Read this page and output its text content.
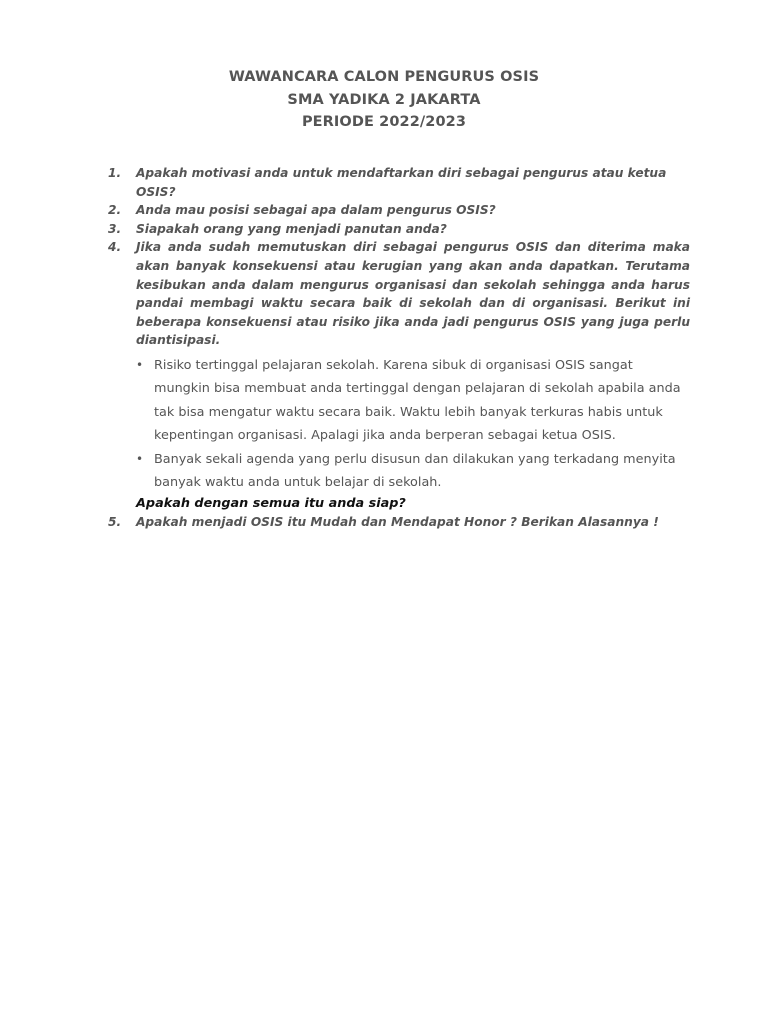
WAWANCARA CALON PENGURUS OSIS
SMA YADIKA 2 JAKARTA
PERIODE 2022/2023
1.	Apakah motivasi anda untuk mendaftarkan diri sebagai pengurus atau ketua OSIS?
2.	Anda mau posisi sebagai apa dalam pengurus OSIS?
3.	Siapakah orang yang menjadi panutan anda?
4.	Jika anda sudah memutuskan diri sebagai pengurus OSIS dan diterima maka akan banyak konsekuensi atau kerugian yang akan anda dapatkan. Terutama kesibukan anda dalam mengurus organisasi dan sekolah sehingga anda harus pandai membagi waktu secara baik di sekolah dan di organisasi. Berikut ini beberapa konsekuensi atau risiko jika anda jadi pengurus OSIS yang juga perlu diantisipasi.
• Risiko tertinggal pelajaran sekolah. Karena sibuk di organisasi OSIS sangat mungkin bisa membuat anda tertinggal dengan pelajaran di sekolah apabila anda tak bisa mengatur waktu secara baik. Waktu lebih banyak terkuras habis untuk kepentingan organisasi. Apalagi jika anda berperan sebagai ketua OSIS.
• Banyak sekali agenda yang perlu disusun dan dilakukan yang terkadang menyita banyak waktu anda untuk belajar di sekolah.
Apakah dengan semua itu anda siap?
5.	Apakah menjadi OSIS itu Mudah dan Mendapat Honor ? Berikan Alasannya !
